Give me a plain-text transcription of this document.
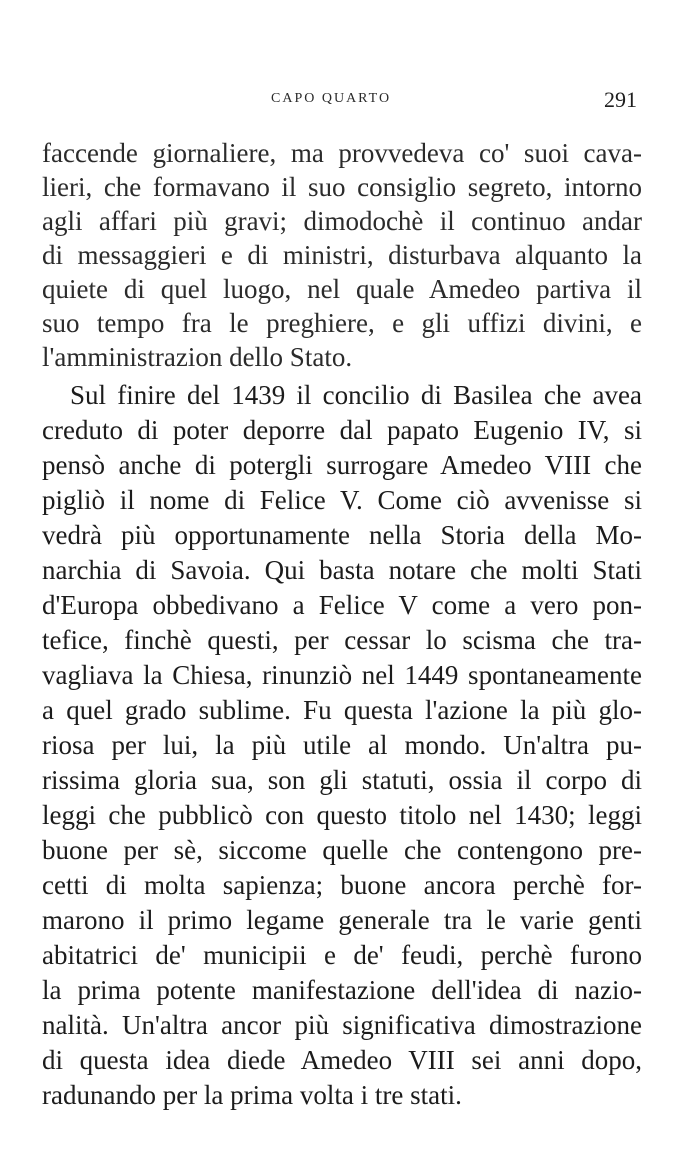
CAPO QUARTO	291
faccende giornaliere, ma provvedeva co' suoi cava-
lieri, che formavano il suo consiglio segreto, intorno
agli affari più gravi; dimodochè il continuo andar
di messaggieri e di ministri, disturbava alquanto la
quiete di quel luogo, nel quale Amedeo partiva il
suo tempo fra le preghiere, e gli uffizi divini, e
l'amministrazion dello Stato.
Sul finire del 1439 il concilio di Basilea che avea
creduto di poter deporre dal papato Eugenio IV, si
pensò anche di potergli surrogare Amedeo VIII che
pigliò il nome di Felice V. Come ciò avvenisse si
vedrà più opportunamente nella Storia della Mo-
narchia di Savoia. Qui basta notare che molti Stati
d'Europa obbedivano a Felice V come a vero pon-
tefice, finchè questi, per cessar lo scisma che tra-
vagliava la Chiesa, rinunziò nel 1449 spontaneamente
a quel grado sublime. Fu questa l'azione la più glo-
riosa per lui, la più utile al mondo. Un'altra pu-
rissima gloria sua, son gli statuti, ossia il corpo di
leggi che pubblicò con questo titolo nel 1430; leggi
buone per sè, siccome quelle che contengono pre-
cetti di molta sapienza; buone ancora perchè for-
marono il primo legame generale tra le varie genti
abitatrici de' municipii e de' feudi, perchè furono
la prima potente manifestazione dell'idea di nazio-
nalità. Un'altra ancor più significativa dimostrazione
di questa idea diede Amedeo VIII sei anni dopo,
radunando per la prima volta i tre stati.
